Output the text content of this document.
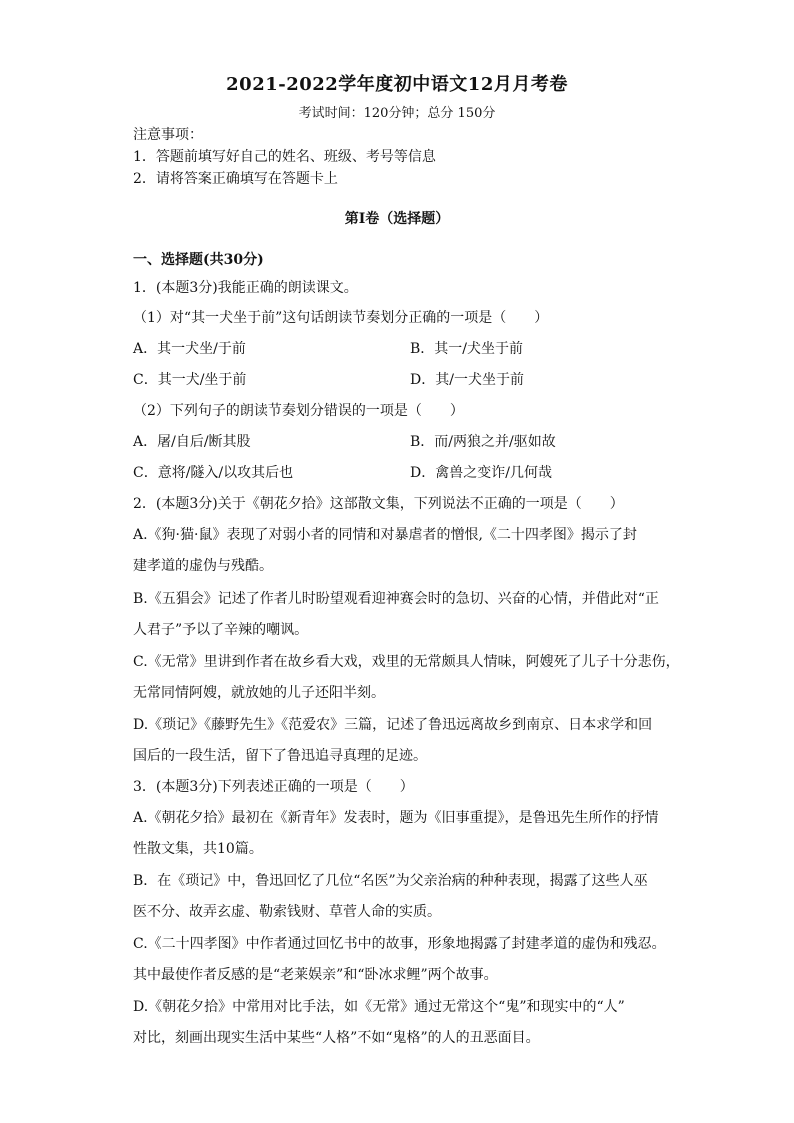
2021-2022学年度初中语文12月月考卷
考试时间：120分钟；总分 150分
注意事项：
1．答题前填写好自己的姓名、班级、考号等信息
2．请将答案正确填写在答题卡上
第I卷（选择题）
一、选择题(共30分)
1．(本题3分)我能正确的朗读课文。
（1）对“其一犬坐于前”这句话朗读节奏划分正确的一项是（　　）
A．其一犬坐/于前	B．其一/犬坐于前
C．其一犬/坐于前	D．其/一犬坐于前
（2）下列句子的朗读节奏划分错误的一项是（　　）
A．屠/自后/断其股	B．而/两狼之并/驱如故
C．意将/隧入/以攻其后也	D．禽兽之变诈/几何哉
2．(本题3分)关于《朝花夕拾》这部散文集，下列说法不正确的一项是（　　）
A.《狗·猫·鼠》表现了对弱小者的同情和对暴虐者的憎恨,《二十四孝图》揭示了封
建孝道的虚伪与残酷。
B.《五猖会》记述了作者儿时盼望观看迎神赛会时的急切、兴奋的心情，并借此对“正
人君子”予以了辛辣的嘲讽。
C.《无常》里讲到作者在故乡看大戏，戏里的无常颇具人情味，阿嫂死了儿子十分悲伤，
无常同情阿嫂，就放她的儿子还阳半刻。
D.《琐记》《藤野先生》《范爱农》三篇，记述了鲁迅远离故乡到南京、日本求学和回
国后的一段生活，留下了鲁迅追寻真理的足迹。
3．(本题3分)下列表述正确的一项是（　　）
A.《朝花夕拾》最初在《新青年》发表时，题为《旧事重提》，是鲁迅先生所作的抒情
性散文集，共10篇。
B．在《琐记》中，鲁迅回忆了几位“名医”为父亲治病的种种表现，揭露了这些人巫
医不分、故弄玄虚、勒索钱财、草菅人命的实质。
C.《二十四孝图》中作者通过回忆书中的故事，形象地揭露了封建孝道的虚伪和残忍。
其中最使作者反感的是“老莱娱亲”和“卧冰求鲤”两个故事。
D.《朝花夕拾》中常用对比手法，如《无常》通过无常这个“鬼”和现实中的“人”
对比，刻画出现实生活中某些“人格”不如“鬼格”的人的丑恶面目。
